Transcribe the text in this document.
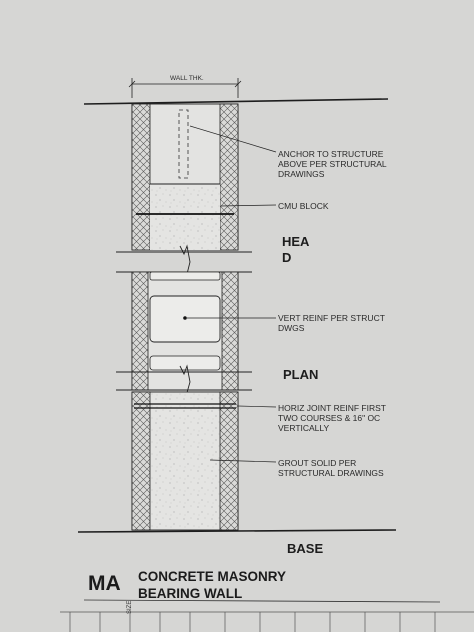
WALL THK.
ANCHOR TO STRUCTURE
ABOVE PER STRUCTURAL
DRAWINGS
CMU BLOCK
VERT REINF PER STRUCT
DWGS
HORIZ JOINT REINF FIRST
TWO COURSES & 16" OC
VERTICALLY
GROUT SOLID PER
STRUCTURAL DRAWINGS
HEA
D
PLAN
BASE
MA CONCRETE MASONRY
BEARING WALL
SIZE
